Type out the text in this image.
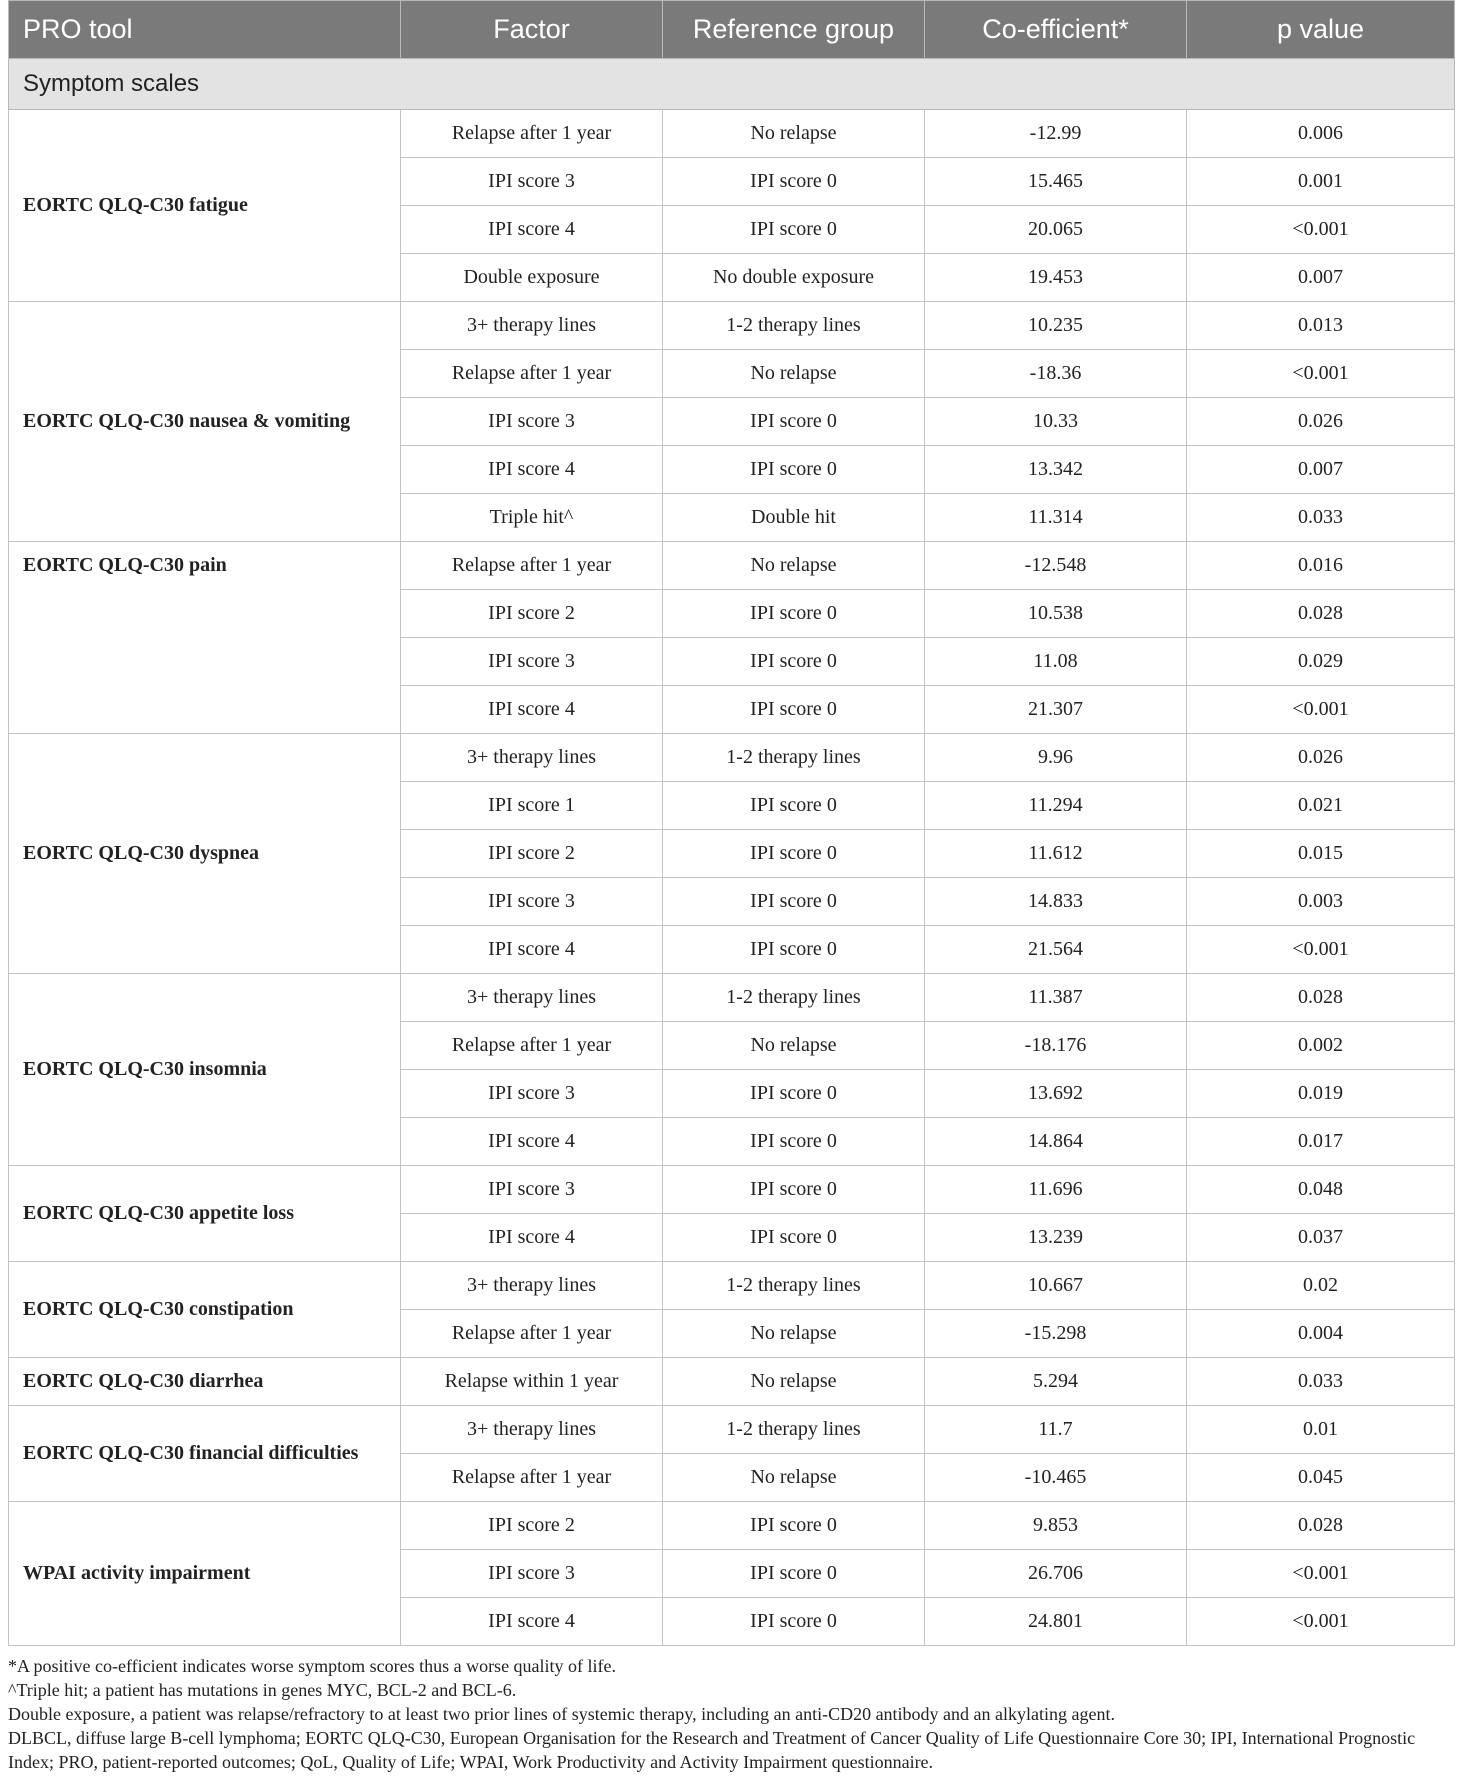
PRO tool	Factor	Reference group	Co-efficient*	p value
Symptom scales				
EORTC QLQ-C30 fatigue	Relapse after 1 year	No relapse	-12.99	0.006
	IPI score 3	IPI score 0	15.465	0.001
	IPI score 4	IPI score 0	20.065	<0.001
	Double exposure	No double exposure	19.453	0.007
EORTC QLQ-C30 nausea & vomiting	3+ therapy lines	1-2 therapy lines	10.235	0.013
	Relapse after 1 year	No relapse	-18.36	<0.001
	IPI score 3	IPI score 0	10.33	0.026
	IPI score 4	IPI score 0	13.342	0.007
	Triple hit^	Double hit	11.314	0.033
EORTC QLQ-C30 pain	Relapse after 1 year	No relapse	-12.548	0.016
	IPI score 2	IPI score 0	10.538	0.028
	IPI score 3	IPI score 0	11.08	0.029
	IPI score 4	IPI score 0	21.307	<0.001
EORTC QLQ-C30 dyspnea	3+ therapy lines	1-2 therapy lines	9.96	0.026
	IPI score 1	IPI score 0	11.294	0.021
	IPI score 2	IPI score 0	11.612	0.015
	IPI score 3	IPI score 0	14.833	0.003
	IPI score 4	IPI score 0	21.564	<0.001
EORTC QLQ-C30 insomnia	3+ therapy lines	1-2 therapy lines	11.387	0.028
	Relapse after 1 year	No relapse	-18.176	0.002
	IPI score 3	IPI score 0	13.692	0.019
	IPI score 4	IPI score 0	14.864	0.017
EORTC QLQ-C30 appetite loss	IPI score 3	IPI score 0	11.696	0.048
	IPI score 4	IPI score 0	13.239	0.037
EORTC QLQ-C30 constipation	3+ therapy lines	1-2 therapy lines	10.667	0.02
	Relapse after 1 year	No relapse	-15.298	0.004
EORTC QLQ-C30 diarrhea	Relapse within 1 year	No relapse	5.294	0.033
EORTC QLQ-C30 financial difficulties	3+ therapy lines	1-2 therapy lines	11.7	0.01
	Relapse after 1 year	No relapse	-10.465	0.045
WPAI activity impairment	IPI score 2	IPI score 0	9.853	0.028
	IPI score 3	IPI score 0	26.706	<0.001
	IPI score 4	IPI score 0	24.801	<0.001

*A positive co-efficient indicates worse symptom scores thus a worse quality of life.

^Triple hit; a patient has mutations in genes MYC, BCL-2 and BCL-6.

Double exposure, a patient was relapse/refractory to at least two prior lines of systemic therapy, including an anti-CD20 antibody and an alkylating agent.

DLBCL, diffuse large B-cell lymphoma; EORTC QLQ-C30, European Organisation for the Research and Treatment of Cancer Quality of Life Questionnaire Core 30; IPI, International Prognostic Index; PRO, patient-reported outcomes; QoL, Quality of Life; WPAI, Work Productivity and Activity Impairment questionnaire.
